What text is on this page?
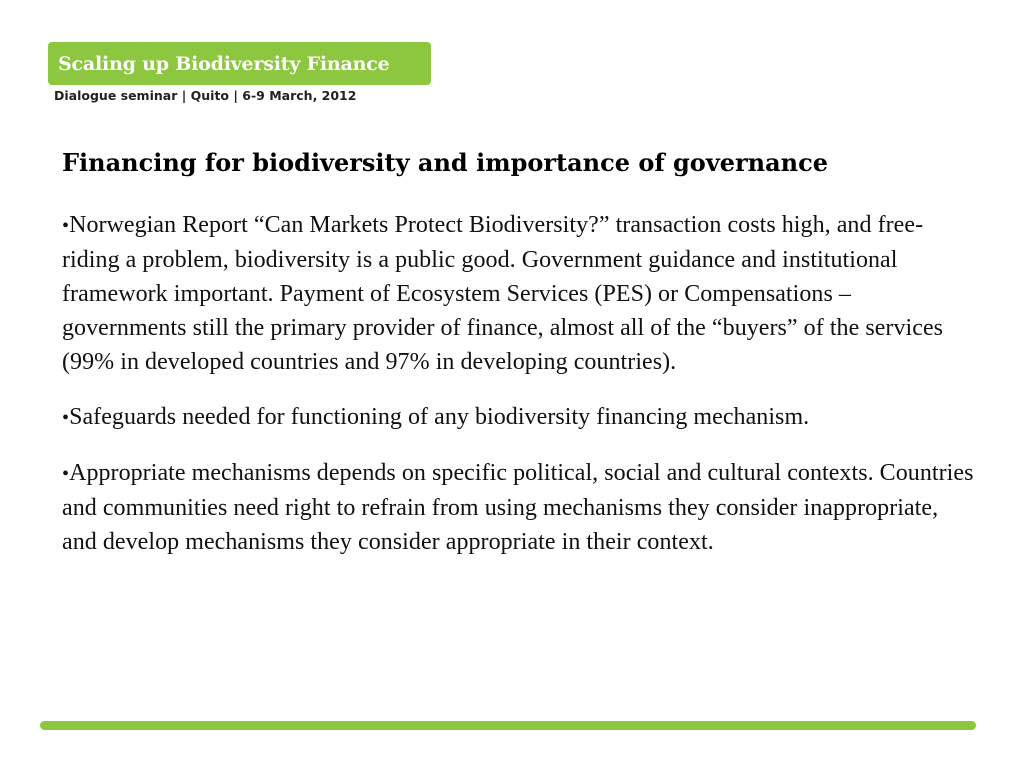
Scaling up Biodiversity Finance
Dialogue seminar | Quito | 6-9 March, 2012
Financing for biodiversity and importance of governance
•Norwegian Report “Can Markets Protect Biodiversity?” transaction costs high, and free-riding a problem, biodiversity is a public good. Government guidance and institutional framework important. Payment of Ecosystem Services (PES) or Compensations – governments still the primary provider of finance, almost all of the “buyers” of the services (99% in developed countries and 97% in developing countries).
•Safeguards needed for functioning of any biodiversity financing mechanism.
•Appropriate mechanisms depends on specific political, social and cultural contexts. Countries and communities need right to refrain from using mechanisms they consider inappropriate, and develop mechanisms they consider appropriate in their context.
